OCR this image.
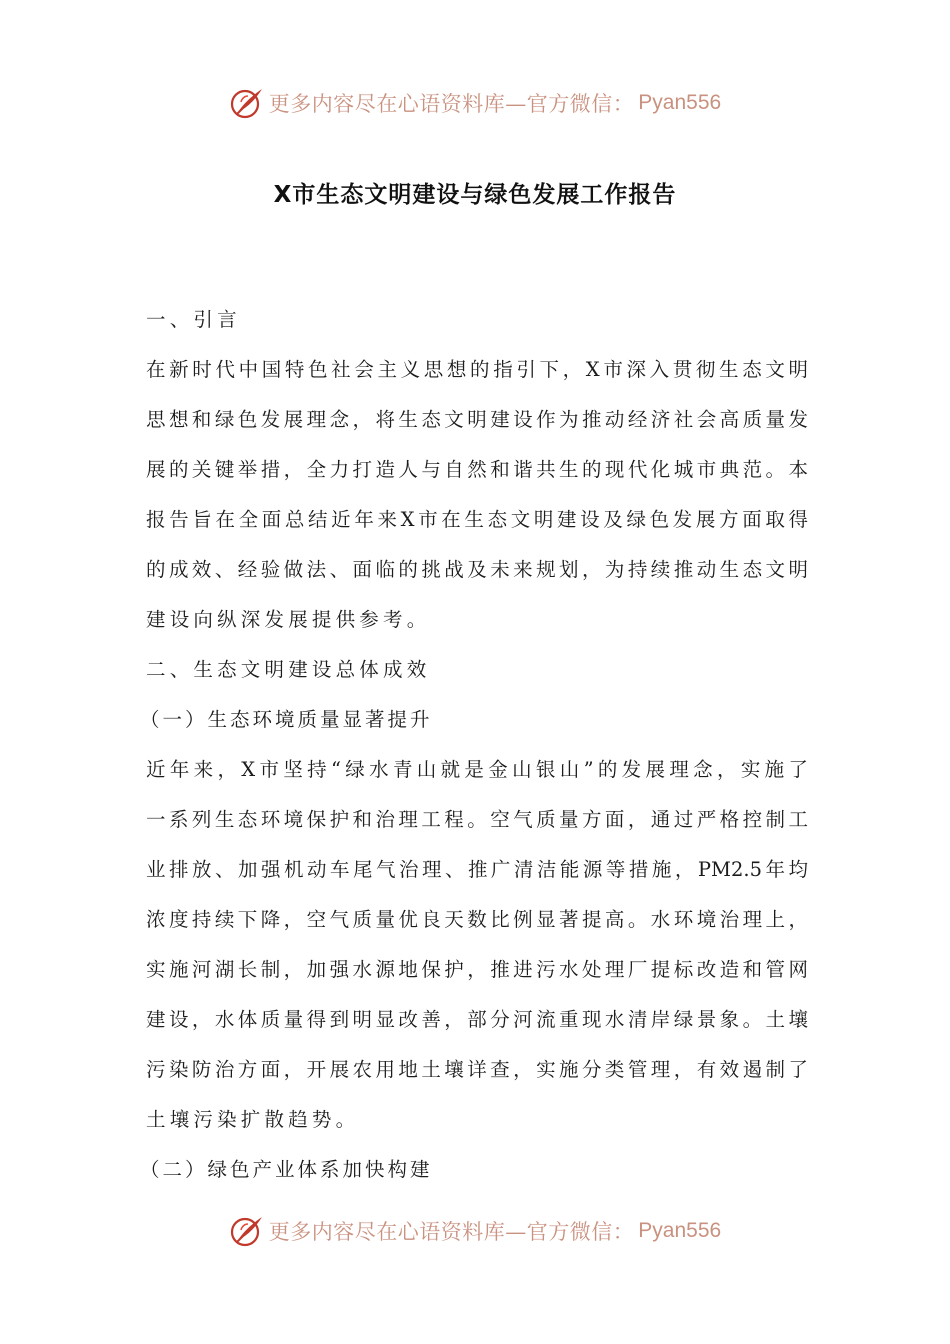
更多内容尽在心语资料库—官方微信： Pyan556
X市生态文明建设与绿色发展工作报告
一、引言
在新时代中国特色社会主义思想的指引下，X市深入贯彻生态文明
思想和绿色发展理念，将生态文明建设作为推动经济社会高质量发
展的关键举措，全力打造人与自然和谐共生的现代化城市典范。本
报告旨在全面总结近年来X市在生态文明建设及绿色发展方面取得
的成效、经验做法、面临的挑战及未来规划，为持续推动生态文明
建设向纵深发展提供参考。
二、生态文明建设总体成效
（一）生态环境质量显著提升
近年来，X市坚持“绿水青山就是金山银山”的发展理念，实施了
一系列生态环境保护和治理工程。空气质量方面，通过严格控制工
业排放、加强机动车尾气治理、推广清洁能源等措施，PM2.5年均
浓度持续下降，空气质量优良天数比例显著提高。水环境治理上，
实施河湖长制，加强水源地保护，推进污水处理厂提标改造和管网
建设，水体质量得到明显改善，部分河流重现水清岸绿景象。土壤
污染防治方面，开展农用地土壤详查，实施分类管理，有效遏制了
土壤污染扩散趋势。
（二）绿色产业体系加快构建
更多内容尽在心语资料库—官方微信： Pyan556
